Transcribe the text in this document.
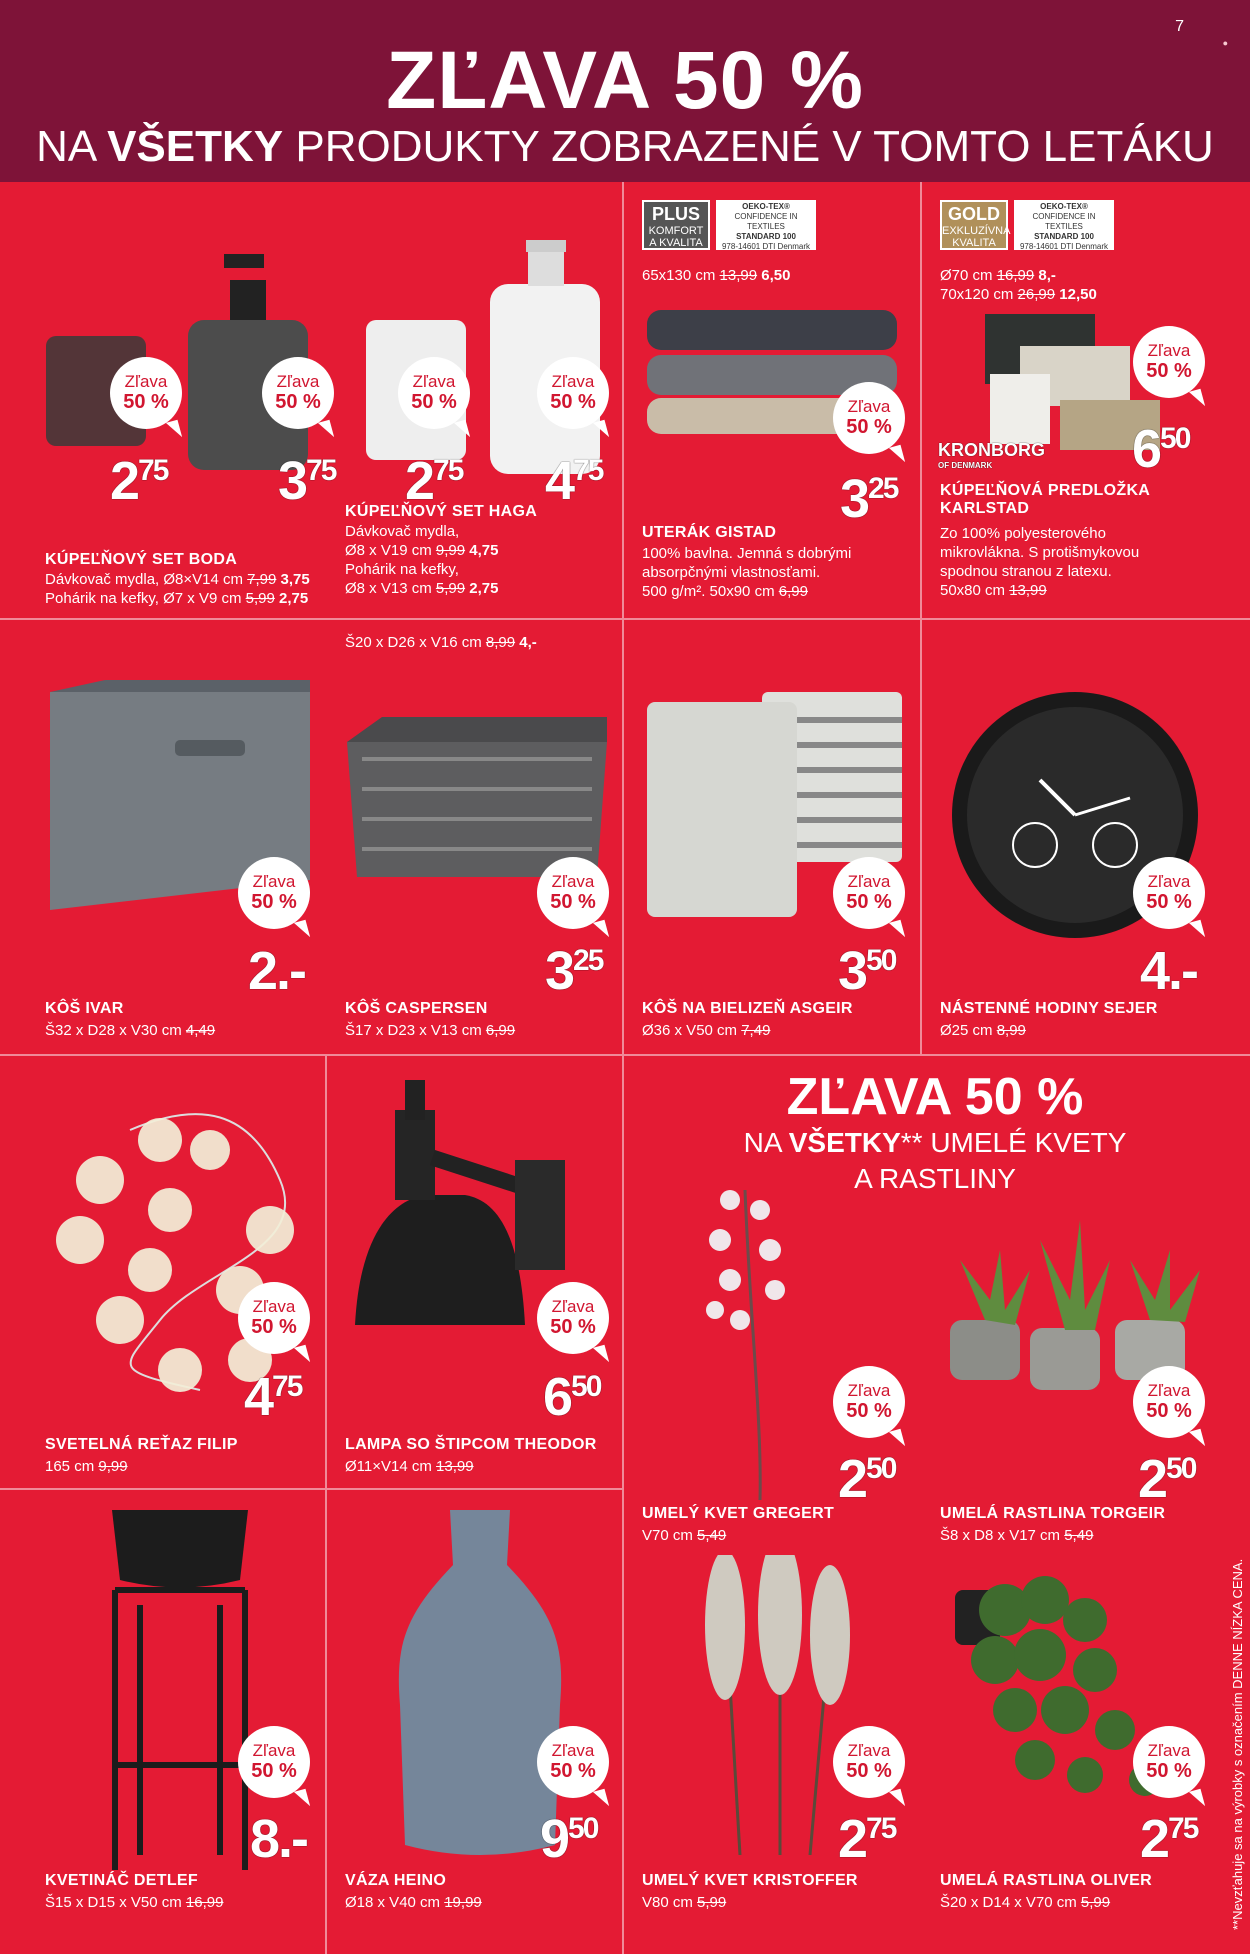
ZĽAVA 50 %
NA VŠETKY PRODUKTY ZOBRAZENÉ V TOMTO LETÁKU
7
●
Zľava
50 %
Zľava
50 %
Zľava
50 %
Zľava
50 %
$2^{75}$ $3^{75}$ $2^{75}$ $4^{75}$
KÚPEĽŇOVÝ SET HAGA
Dávkovač mydla,
Ø8 x V19 cm 9,99 4,75
Pohárik na kefky,
Ø8 x V13 cm 5,99 2,75
KÚPEĽŇOVÝ SET BODA
Dávkovač mydla, Ø8×V14 cm 7,99 3,75
Pohárik na kefky, Ø7 x V9 cm 5,99 2,75
PLUS
KOMFORT
A KVALITA
OEKO-TEX®
CONFIDENCE IN TEXTILES
STANDARD 100
978-14601 DTI Denmark
65x130 cm 13,99 6,50
Zľava
50 %
$3^{25}$
UTERÁK GISTAD
100% bavlna. Jemná s dobrými
absorpčnými vlastnosťami.
500 g/m². 50x90 cm 6,99
GOLD
EXKLUZÍVNA
KVALITA
OEKO-TEX®
CONFIDENCE IN TEXTILES
STANDARD 100
978-14601 DTI Denmark
Ø70 cm 16,99 8,-
70x120 cm 26,99 12,50
Zľava
50 %
KRONBORG
OF DENMARK	$6^{50}$
KÚPEĽŇOVÁ PREDLOŽKA
KARLSTAD
Zo 100% polyesterového
mikrovlákna. S protišmykovou
spodnou stranou z latexu.
50x80 cm 13,99
Zľava
50 %
2.-
KÔŠ IVAR
Š32 x D28 x V30 cm 4,49
Š20 x D26 x V16 cm 8,99 4,-
Zľava
50 %
$3^{25}$
KÔŠ CASPERSEN
Š17 x D23 x V13 cm 6,99
Zľava
50 %
$3^{50}$
KÔŠ NA BIELIZEŇ ASGEIR
Ø36 x V50 cm 7,49
Zľava
50 %
4.-
NÁSTENNÉ HODINY SEJER
Ø25 cm 8,99
Zľava
50 %
$4^{75}$
SVETELNÁ REŤAZ FILIP
165 cm 9,99
Zľava
50 %
$6^{50}$
LAMPA SO ŠTIPCOM THEODOR
Ø11×V14 cm 13,99
ZĽAVA 50 %
NA VŠETKY** UMELÉ KVETY
A RASTLINY
Zľava
50 %
$2^{50}$
UMELÝ KVET GREGERT
V70 cm 5,49
Zľava
50 %
$2^{50}$
UMELÁ RASTLINA TORGEIR
Š8 x D8 x V17 cm 5,49
Zľava
50 %
8.-
KVETINÁČ DETLEF
Š15 x D15 x V50 cm 16,99
Zľava
50 %
$9^{50}$
VÁZA HEINO
Ø18 x V40 cm 19,99
Zľava
50 %
$2^{75}$
UMELÝ KVET KRISTOFFER
V80 cm 5,99
Zľava
50 %
$2^{75}$
UMELÁ RASTLINA OLIVER
Š20 x D14 x V70 cm 5,99	**Nevzťahuje sa na výrobky s označením DENNE NÍZKA CENA.
